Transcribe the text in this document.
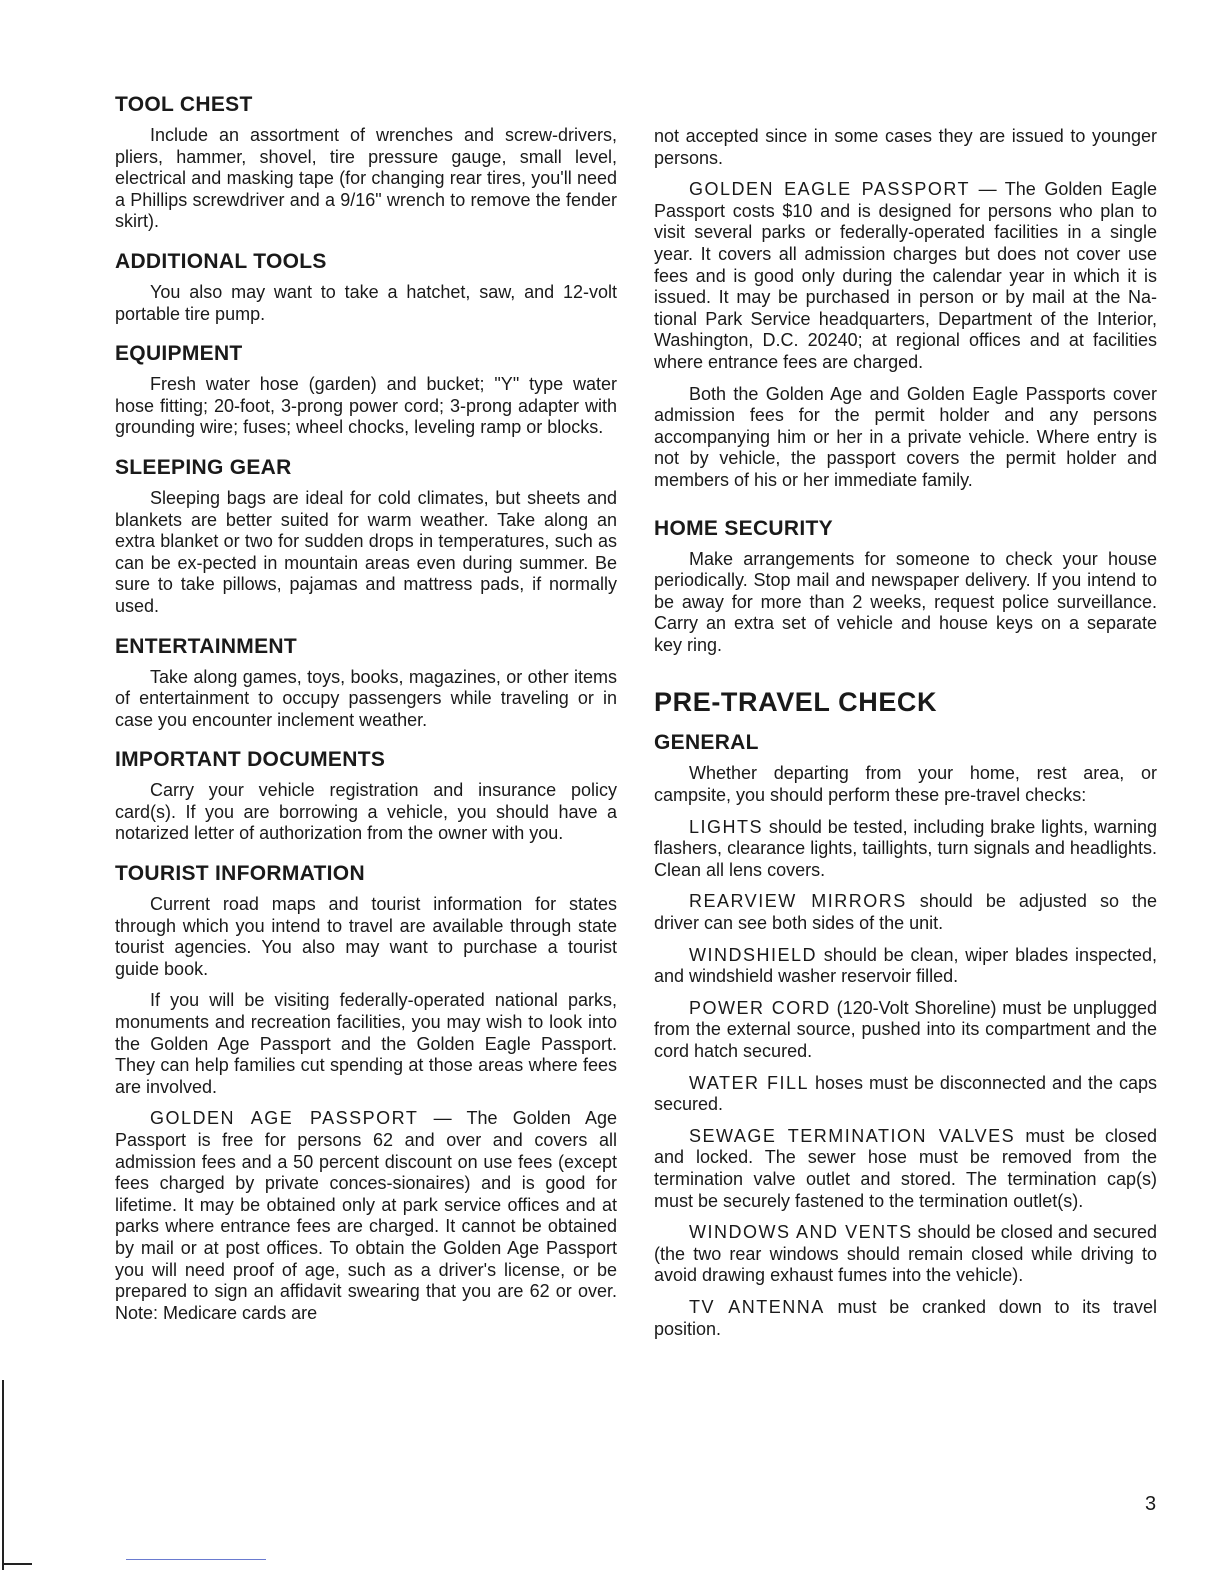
TOOL CHEST

Include an assortment of wrenches and screw-drivers, pliers, hammer, shovel, tire pressure gauge, small level, electrical and masking tape (for changing rear tires, you'll need a Phillips screwdriver and a 9/16" wrench to remove the fender skirt).

ADDITIONAL TOOLS

You also may want to take a hatchet, saw, and 12-volt portable tire pump.

EQUIPMENT

Fresh water hose (garden) and bucket; "Y" type water hose fitting; 20-foot, 3-prong power cord; 3-prong adapter with grounding wire; fuses; wheel chocks, leveling ramp or blocks.

SLEEPING GEAR

Sleeping bags are ideal for cold climates, but sheets and blankets are better suited for warm weather. Take along an extra blanket or two for sudden drops in temperatures, such as can be ex-pected in mountain areas even during summer. Be sure to take pillows, pajamas and mattress pads, if normally used.

ENTERTAINMENT

Take along games, toys, books, magazines, or other items of entertainment to occupy passengers while traveling or in case you encounter inclement weather.

IMPORTANT DOCUMENTS

Carry your vehicle registration and insurance policy card(s). If you are borrowing a vehicle, you should have a notarized letter of authorization from the owner with you.

TOURIST INFORMATION

Current road maps and tourist information for states through which you intend to travel are available through state tourist agencies. You also may want to purchase a tourist guide book.

If you will be visiting federally-operated national parks, monuments and recreation facilities, you may wish to look into the Golden Age Passport and the Golden Eagle Passport. They can help families cut spending at those areas where fees are involved.

GOLDEN AGE PASSPORT — The Golden Age Passport is free for persons 62 and over and covers all admission fees and a 50 percent discount on use fees (except fees charged by private conces-sionaires) and is good for lifetime. It may be obtained only at park service offices and at parks where entrance fees are charged. It cannot be obtained by mail or at post offices. To obtain the Golden Age Passport you will need proof of age, such as a driver's license, or be prepared to sign an affidavit swearing that you are 62 or over. Note: Medicare cards are

not accepted since in some cases they are issued to younger persons.

GOLDEN EAGLE PASSPORT — The Golden Eagle Passport costs $10 and is designed for persons who plan to visit several parks or federally-operated facilities in a single year. It covers all admission charges but does not cover use fees and is good only during the calendar year in which it is issued. It may be purchased in person or by mail at the Na-tional Park Service headquarters, Department of the Interior, Washington, D.C. 20240; at regional offices and at facilities where entrance fees are charged.

Both the Golden Age and Golden Eagle Passports cover admission fees for the permit holder and any persons accompanying him or her in a private vehicle. Where entry is not by vehicle, the passport covers the permit holder and members of his or her immediate family.

HOME SECURITY

Make arrangements for someone to check your house periodically. Stop mail and newspaper delivery. If you intend to be away for more than 2 weeks, request police surveillance. Carry an extra set of vehicle and house keys on a separate key ring.

PRE-TRAVEL CHECK
GENERAL

Whether departing from your home, rest area, or campsite, you should perform these pre-travel checks:

LIGHTS should be tested, including brake lights, warning flashers, clearance lights, taillights, turn signals and headlights. Clean all lens covers.

REARVIEW MIRRORS should be adjusted so the driver can see both sides of the unit.

WINDSHIELD should be clean, wiper blades inspected, and windshield washer reservoir filled.

POWER CORD (120-Volt Shoreline) must be unplugged from the external source, pushed into its compartment and the cord hatch secured.

WATER FILL hoses must be disconnected and the caps secured.

SEWAGE TERMINATION VALVES must be closed and locked. The sewer hose must be removed from the termination valve outlet and stored. The termination cap(s) must be securely fastened to the termination outlet(s).

WINDOWS AND VENTS should be closed and secured (the two rear windows should remain closed while driving to avoid drawing exhaust fumes into the vehicle).

TV ANTENNA must be cranked down to its travel position.

3
